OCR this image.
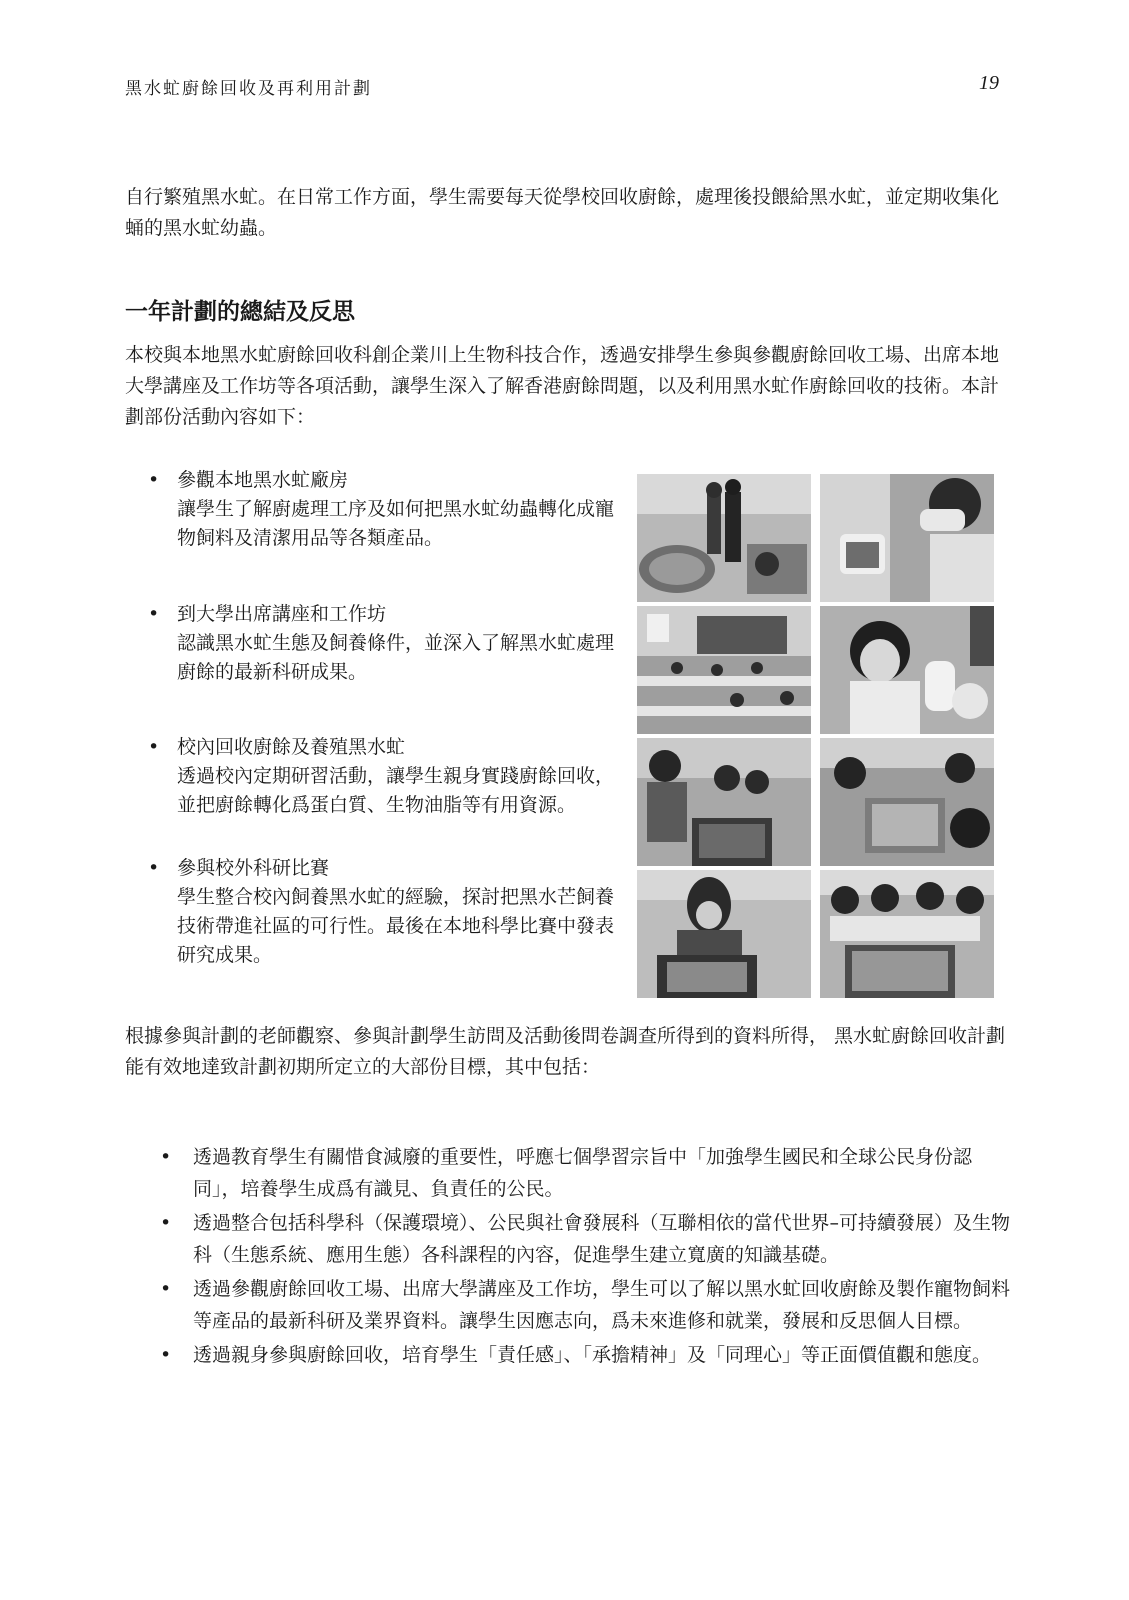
黑水虻廚餘回收及再利用計劃	19

自行繁殖黑水虻。在日常工作方面，學生需要每天從學校回收廚餘，處理後投餵給黑水虻，並定期收集化蛹的黑水虻幼蟲。

一年計劃的總結及反思

本校與本地黑水虻廚餘回收科創企業川上生物科技合作，透過安排學生參與參觀廚餘回收工場、出席本地大學講座及工作坊等各項活動，讓學生深入了解香港廚餘問題，以及利用黑水虻作廚餘回收的技術。本計劃部份活動內容如下：

• 參觀本地黑水虻廠房
讓學生了解廚處理工序及如何把黑水虻幼蟲轉化成寵物飼料及清潔用品等各類產品。
• 到大學出席講座和工作坊
認識黑水虻生態及飼養條件，並深入了解黑水虻處理廚餘的最新科研成果。
• 校內回收廚餘及養殖黑水虻
透過校內定期研習活動，讓學生親身實踐廚餘回收，並把廚餘轉化爲蛋白質、生物油脂等有用資源。
• 參與校外科研比賽
學生整合校內飼養黑水虻的經驗，探討把黑水芒飼養技術帶進社區的可行性。最後在本地科學比賽中發表研究成果。

根據參與計劃的老師觀察、參與計劃學生訪問及活動後問卷調查所得到的資料所得， 黑水虻廚餘回收計劃能有效地達致計劃初期所定立的大部份目標，其中包括：

• 透過教育學生有關惜食減廢的重要性，呼應七個學習宗旨中「加強學生國民和全球公民身份認同」，培養學生成爲有識見、負責任的公民。
• 透過整合包括科學科（保護環境）、公民與社會發展科（互聯相依的當代世界–可持續發展）及生物科（生態系統、應用生態）各科課程的內容，促進學生建立寬廣的知識基礎。
• 透過參觀廚餘回收工場、出席大學講座及工作坊，學生可以了解以黑水虻回收廚餘及製作寵物飼料等產品的最新科研及業界資料。讓學生因應志向，爲未來進修和就業，發展和反思個人目標。
• 透過親身參與廚餘回收，培育學生「責任感」、「承擔精神」及「同理心」等正面價值觀和態度。
